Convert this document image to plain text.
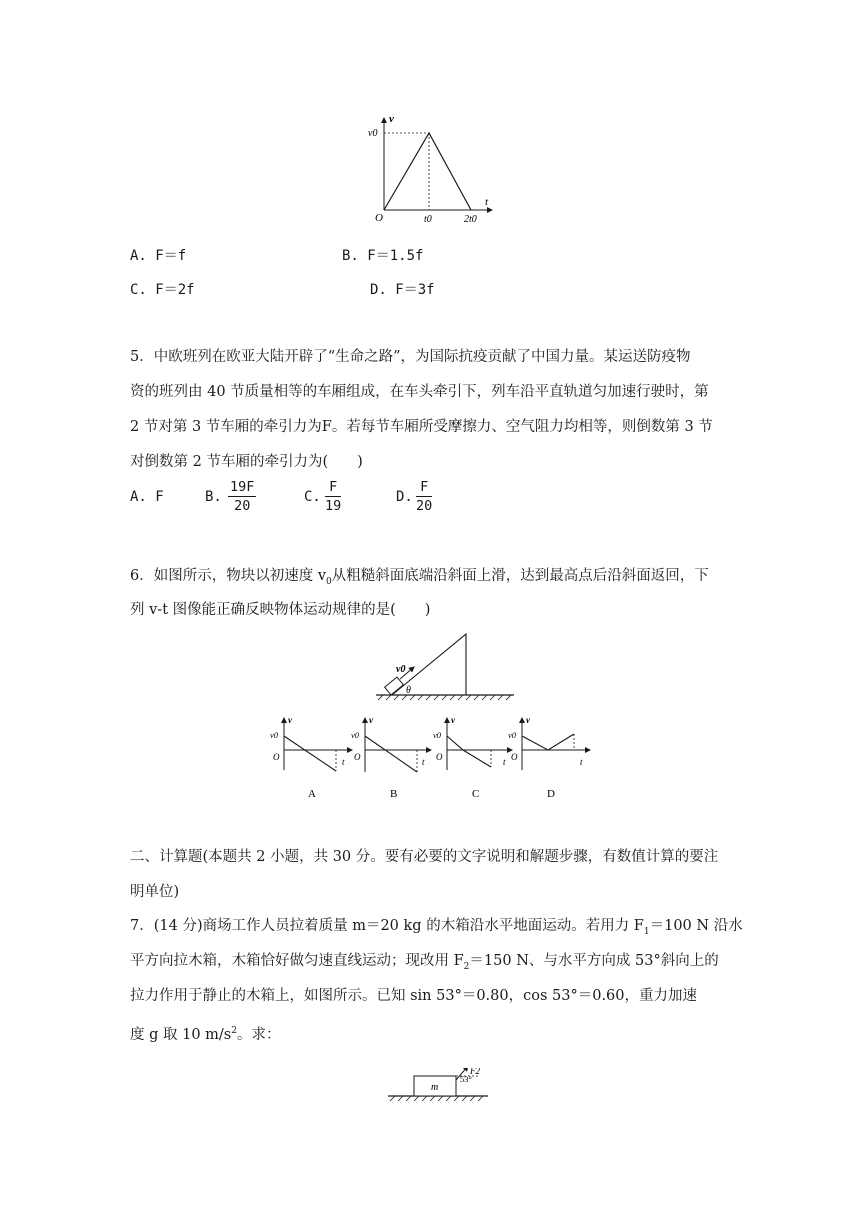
v
v0
t
O	t0	2t0
A. F＝f	B. F＝1.5f
C. F＝2f	D. F＝3f
5．中欧班列在欧亚大陆开辟了“生命之路”，为国际抗疫贡献了中国力量。某运送防疫物
资的班列由 40 节质量相等的车厢组成，在车头牵引下，列车沿平直轨道匀加速行驶时，第
2 节对第 3 节车厢的牵引力为F。若每节车厢所受摩擦力、空气阻力均相等，则倒数第 3 节
对倒数第 2 节车厢的牵引力为(　　)
A. F	B. $\frac{19F}{20}$	C. $\frac{F}{19}$	D. $\frac{F}{20}$
6．如图所示，物块以初速度 $v_0$从粗糙斜面底端沿斜面上滑，达到最高点后沿斜面返回，下
列 v-t 图像能正确反映物体运动规律的是(　　)
v0
θ
v
v0
O	t
A
v
v0
t
B
v
v0
t
C
v
v0
O	t
D
O	O
二、计算题(本题共 2 小题，共 30 分。要有必要的文字说明和解题步骤，有数值计算的要注
明单位)
7．(14 分)商场工作人员拉着质量 m＝20 kg 的木箱沿水平地面运动。若用力 $F_1=100$ N 沿水
平方向拉木箱，木箱恰好做匀速直线运动；现改用 $F_2=150$ N、与水平方向成 53°斜向上的
拉力作用于静止的木箱上，如图所示。已知 sin 53°＝0.80，cos 53°＝0.60，重力加速
度 g 取 10 $m/s^2$。求：
m
F2
53°
